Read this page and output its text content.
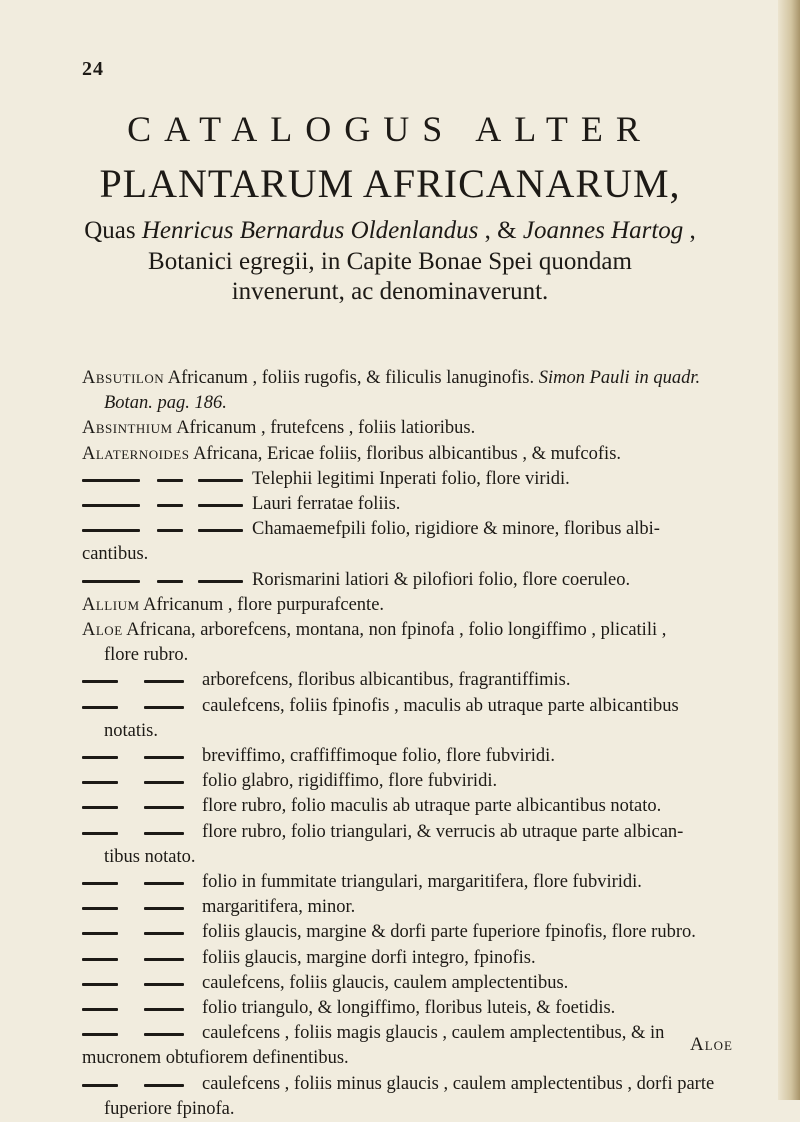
24
CATALOGUS ALTER
PLANTARUM AFRICANARUM,
Quas Henricus Bernardus Oldenlandus , & Joannes Hartog ,
Botanici egregii, in Capite Bonae Spei quondam
invenerunt, ac denominaverunt.
Absutilon Africanum , foliis rugofis, & filiculis lanuginofis. Simon Pauli in quadr.
Botan. pag. 186.
Absinthium Africanum , frutefcens , foliis latioribus.
Alaternoides Africana, Ericae foliis, floribus albicantibus , & mufcofis.
Telephii legitimi Inperati folio, flore viridi.
Lauri ferratae foliis.
Chamaemefpili folio, rigidiore & minore, floribus albi-
cantibus.
Rorismarini latiori & pilofiori folio, flore coeruleo.
Allium Africanum , flore purpurafcente.
Aloe Africana, arborefcens, montana, non fpinofa , folio longiffimo , plicatili ,
flore rubro.
arborefcens, floribus albicantibus, fragrantiffimis.
caulefcens, foliis fpinofis , maculis ab utraque parte albicantibus
notatis.
breviffimo, craffiffimoque folio, flore fubviridi.
folio glabro, rigidiffimo, flore fubviridi.
flore rubro, folio maculis ab utraque parte albicantibus notato.
flore rubro, folio triangulari, & verrucis ab utraque parte albican-
tibus notato.
folio in fummitate triangulari, margaritifera, flore fubviridi.
margaritifera, minor.
foliis glaucis, margine & dorfi parte fuperiore fpinofis, flore rubro.
foliis glaucis, margine dorfi integro, fpinofis.
caulefcens, foliis glaucis, caulem amplectentibus.
folio triangulo, & longiffimo, floribus luteis, & foetidis.
caulefcens , foliis magis glaucis , caulem amplectentibus, & in
mucronem obtufiorem definentibus.
caulefcens , foliis minus glaucis , caulem amplectentibus , dorfi parte
fuperiore fpinofa.
Aloe
